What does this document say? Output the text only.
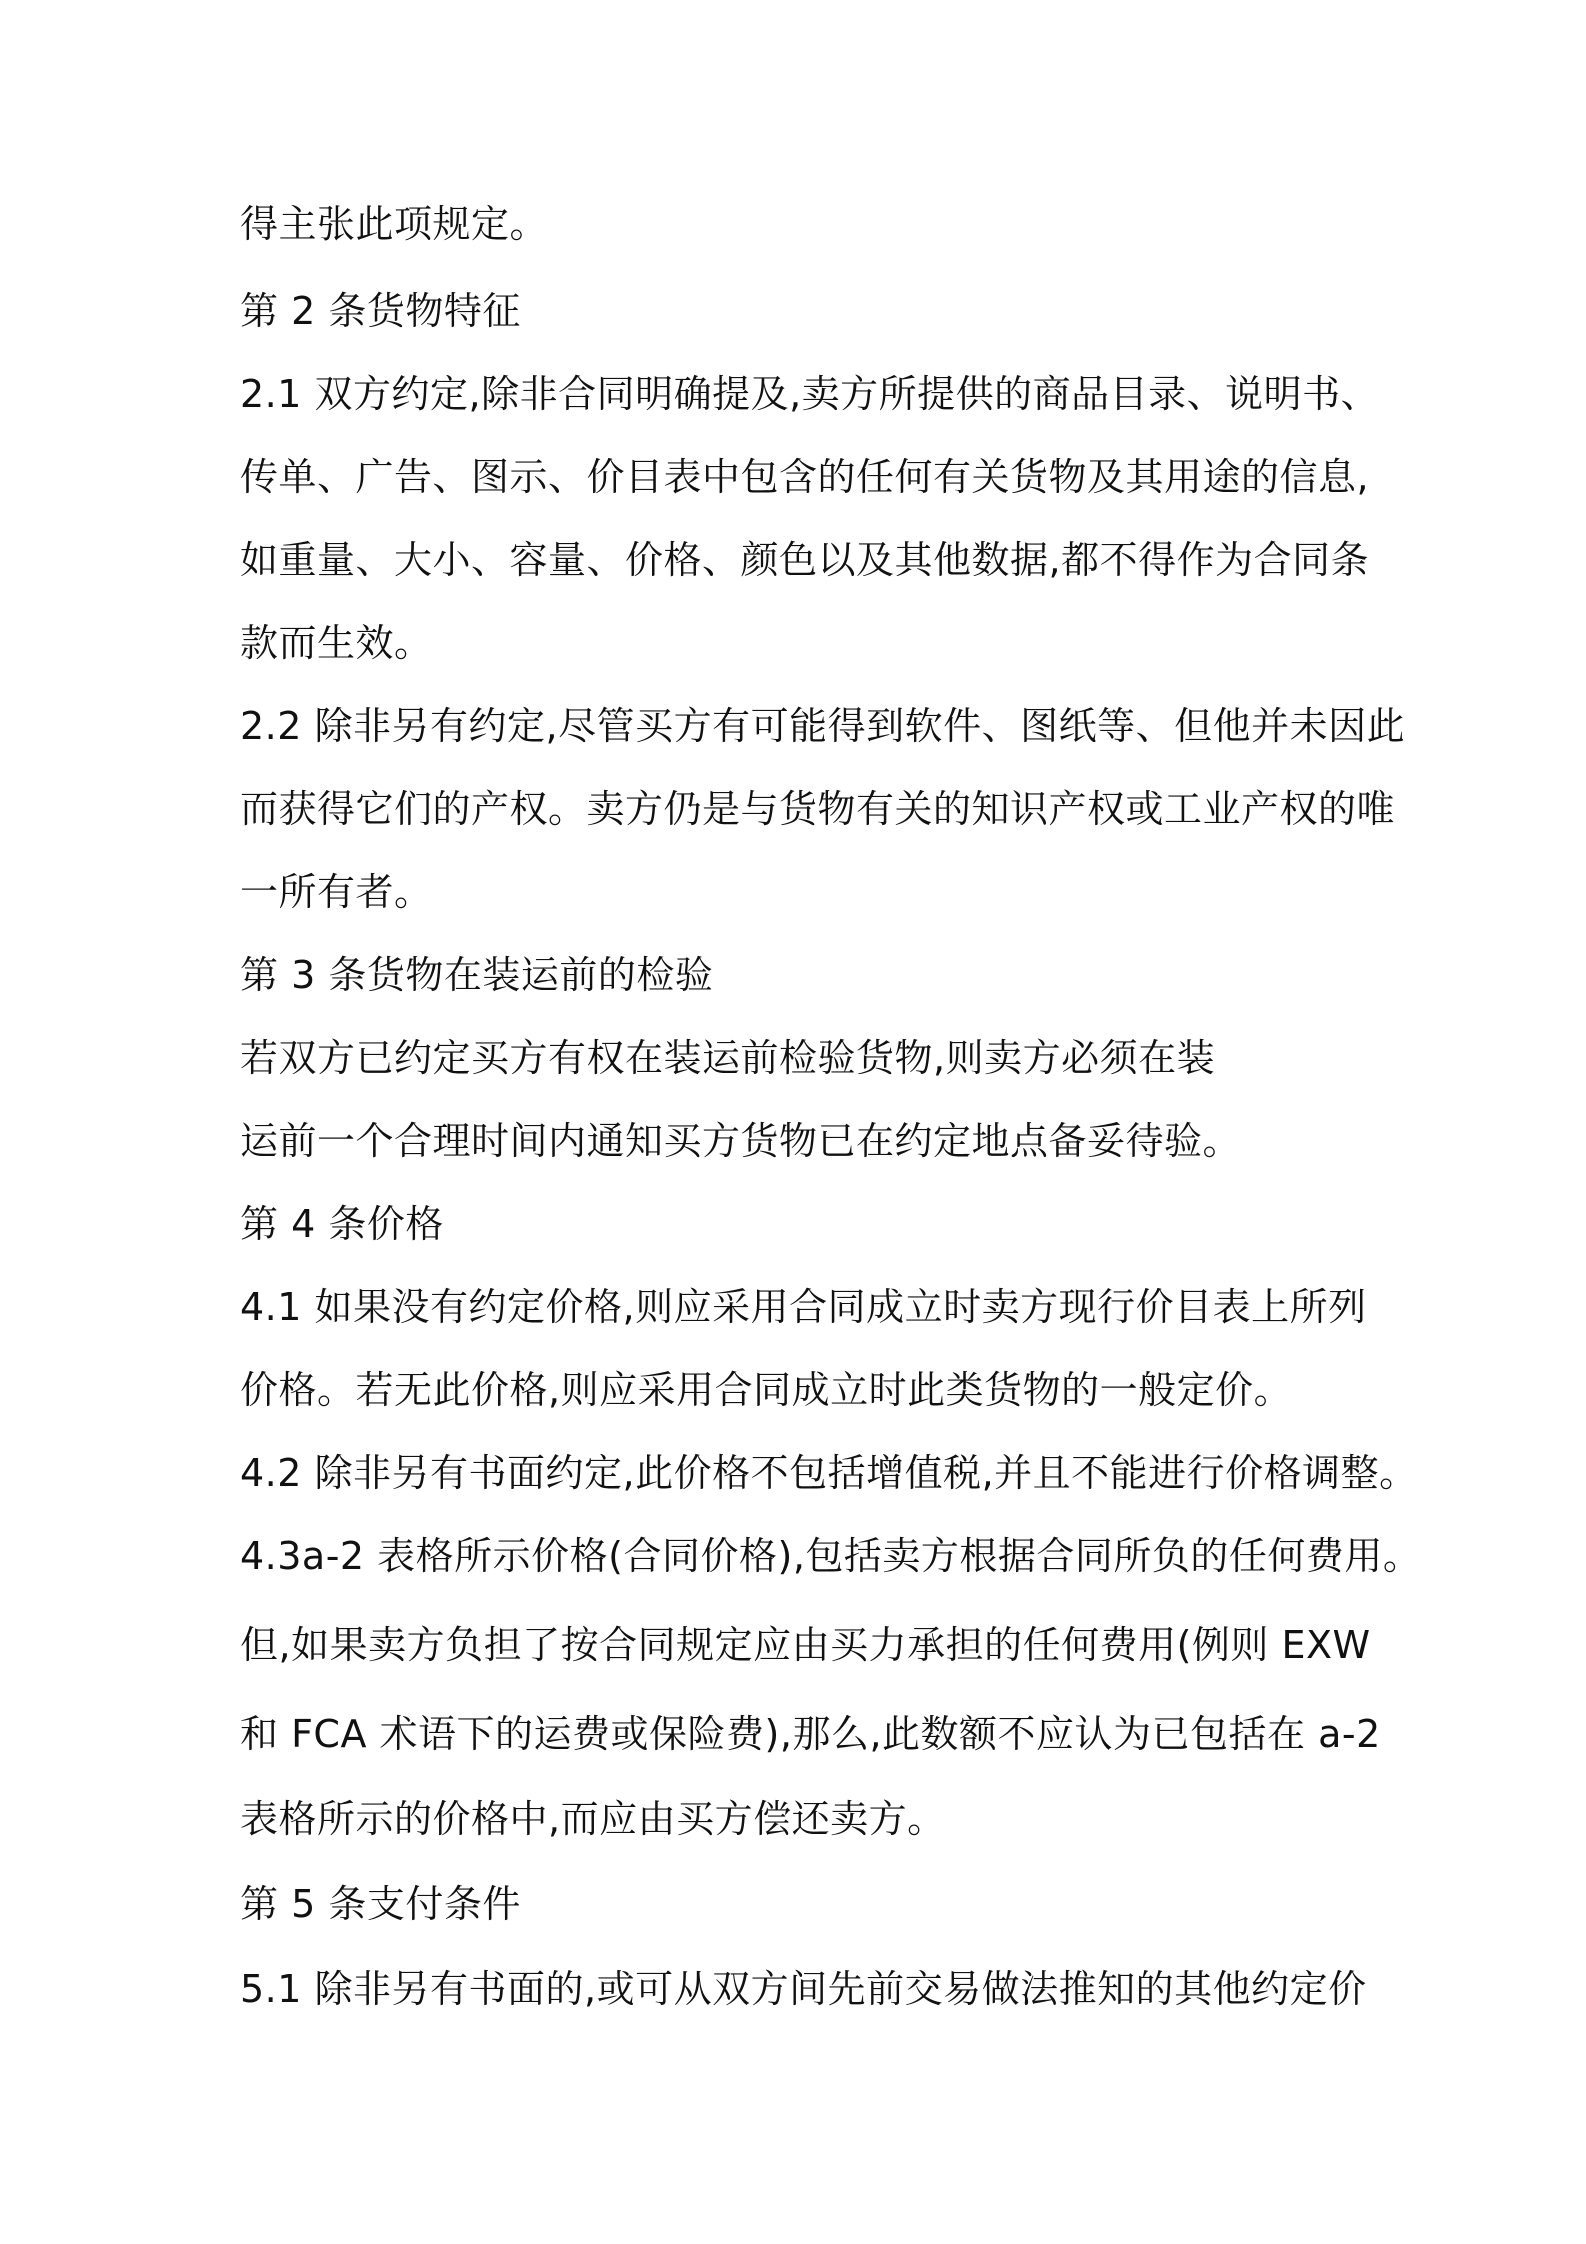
得主张此项规定。
第 2 条货物特征
2.1 双方约定,除非合同明确提及,卖方所提供的商品目录、说明书、
传单、广告、图示、价目表中包含的任何有关货物及其用途的信息,
如重量、大小、容量、价格、颜色以及其他数据,都不得作为合同条
款而生效。
2.2 除非另有约定,尽管买方有可能得到软件、图纸等、但他并未因此
而获得它们的产权。卖方仍是与货物有关的知识产权或工业产权的唯
一所有者。
第 3 条货物在装运前的检验
若双方已约定买方有权在装运前检验货物,则卖方必须在装
运前一个合理时间内通知买方货物已在约定地点备妥待验。
第 4 条价格
4.1 如果没有约定价格,则应采用合同成立时卖方现行价目表上所列
价格。若无此价格,则应采用合同成立时此类货物的一般定价。
4.2 除非另有书面约定,此价格不包括增值税,并且不能进行价格调整。
4.3a-2 表格所示价格(合同价格),包括卖方根据合同所负的任何费用。
但,如果卖方负担了按合同规定应由买力承担的任何费用(例则 EXW
和 FCA 术语下的运费或保险费),那么,此数额不应认为已包括在 a-2
表格所示的价格中,而应由买方偿还卖方。
第 5 条支付条件
5.1 除非另有书面的,或可从双方间先前交易做法推知的其他约定价
